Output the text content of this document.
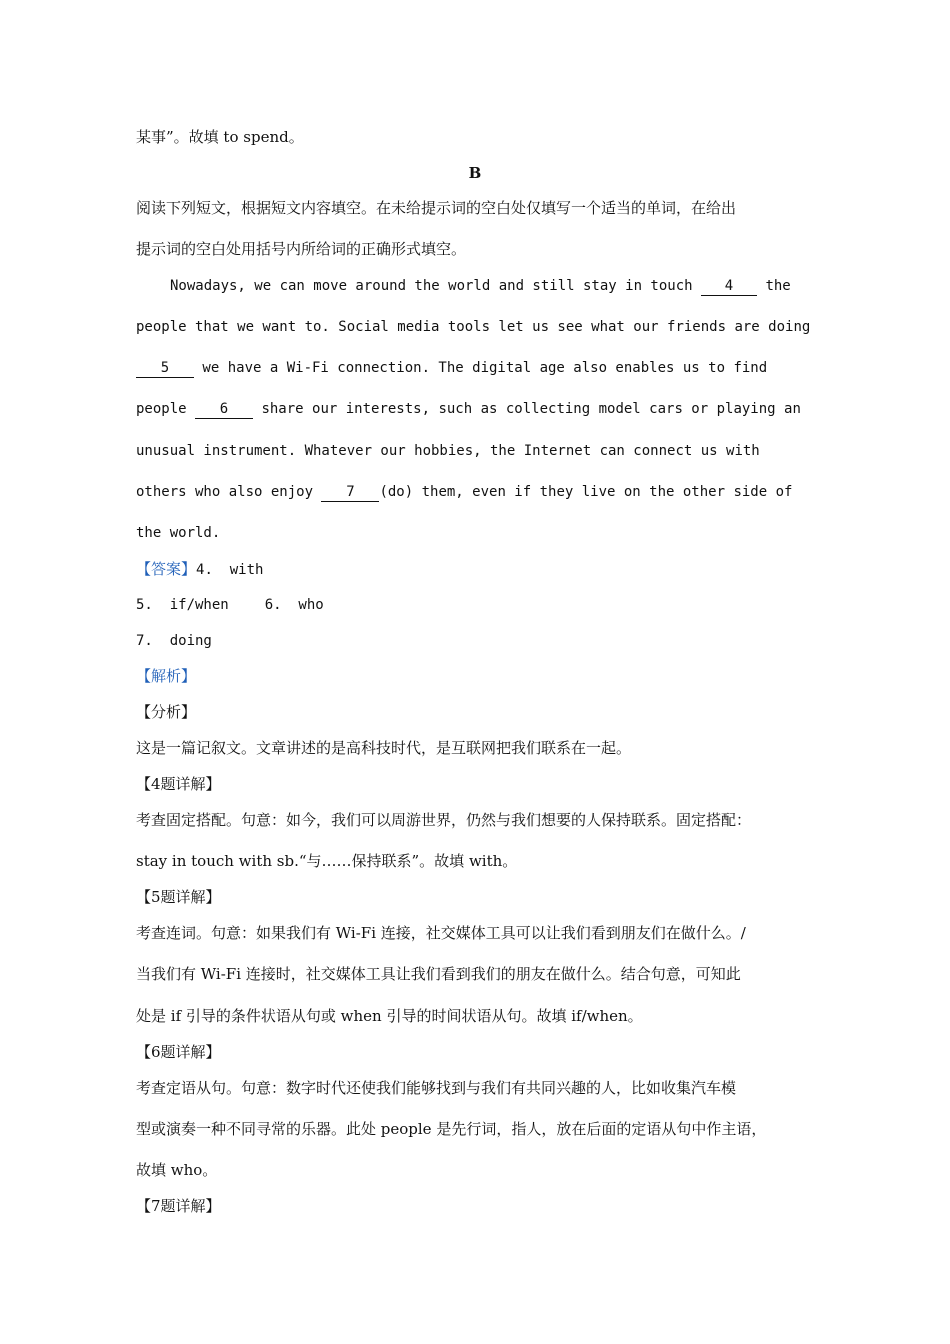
某事”。故填 to spend。
B
阅读下列短文，根据短文内容填空。在未给提示词的空白处仅填写一个适当的单词，在给出
提示词的空白处用括号内所给词的正确形式填空。
Nowadays, we can move around the world and still stay in touch 4 the
people that we want to. Social media tools let us see what our friends are doing
5 we have a Wi-Fi connection. The digital age also enables us to find
people 6 share our interests, such as collecting model cars or playing an
unusual instrument. Whatever our hobbies, the Internet can connect us with
others who also enjoy 7 (do) them, even if they live on the other side of
the world.
【答案】4.  with
5.  if/when	6.  who
7.  doing
【解析】
【分析】
这是一篇记叙文。文章讲述的是高科技时代，是互联网把我们联系在一起。
【4题详解】
考查固定搭配。句意：如今，我们可以周游世界，仍然与我们想要的人保持联系。固定搭配：
stay in touch with sb.“与……保持联系”。故填 with。
【5题详解】
考查连词。句意：如果我们有 Wi-Fi 连接，社交媒体工具可以让我们看到朋友们在做什么。/
当我们有 Wi-Fi 连接时，社交媒体工具让我们看到我们的朋友在做什么。结合句意，可知此
处是 if 引导的条件状语从句或 when 引导的时间状语从句。故填 if/when。
【6题详解】
考查定语从句。句意：数字时代还使我们能够找到与我们有共同兴趣的人，比如收集汽车模
型或演奏一种不同寻常的乐器。此处 people 是先行词，指人，放在后面的定语从句中作主语，
故填 who。
【7题详解】
